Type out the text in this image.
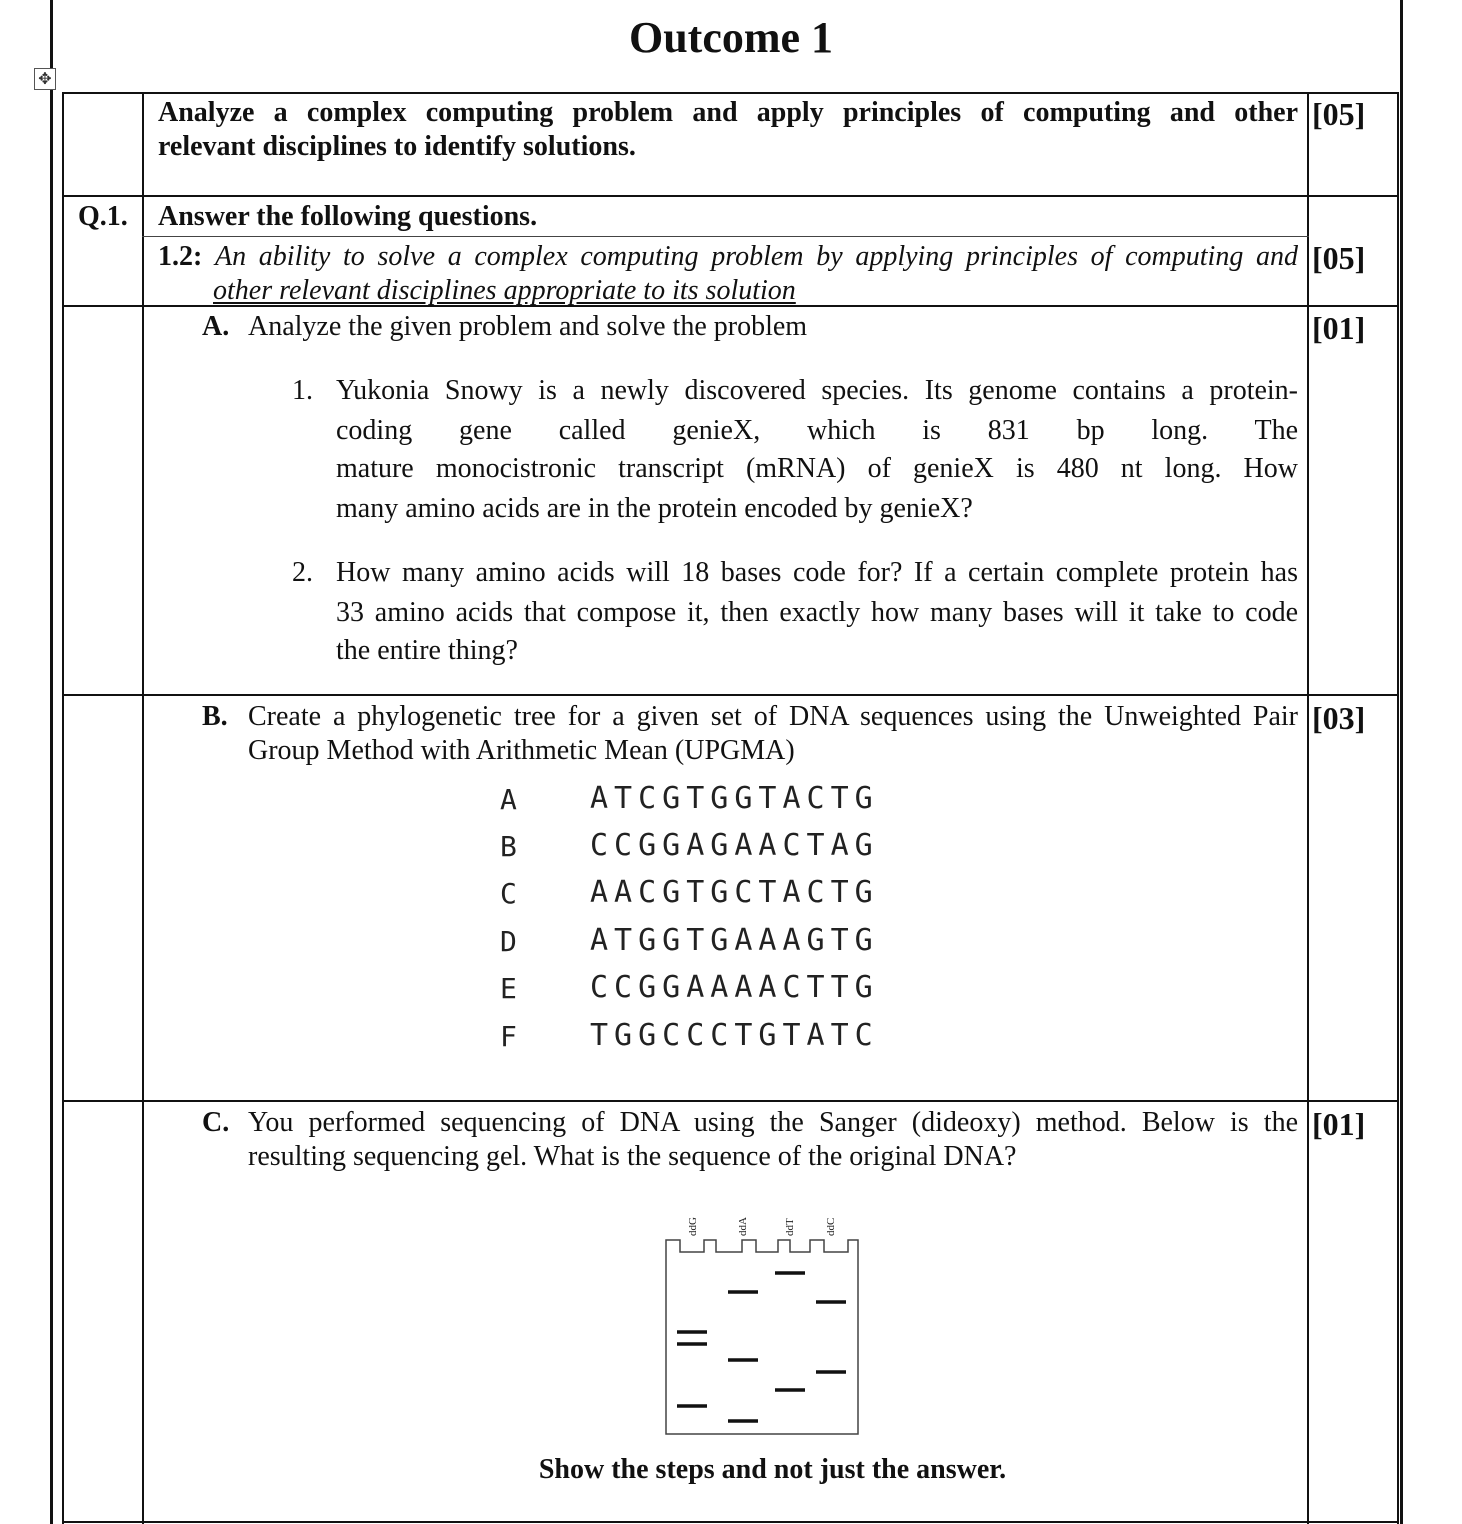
✥
Outcome 1
Analyze a complex computing problem and apply principles of computing and other
relevant disciplines to identify solutions.
[05]
Q.1. Answer the following questions.
1.2: An ability to solve a complex computing problem by applying principles of computing and
other relevant disciplines appropriate to its solution
[05]
A. Analyze the given problem and solve the problem	[01]
1. Yukonia Snowy is a newly discovered species. Its genome contains a protein-
coding gene called genieX, which is 831 bp long. The
mature monocistronic transcript (mRNA) of genieX is 480 nt long. How
many amino acids are in the protein encoded by genieX?
2. How many amino acids will 18 bases code for? If a certain complete protein has
33 amino acids that compose it, then exactly how many bases will it take to code
the entire thing?
B. Create a phylogenetic tree for a given set of DNA sequences using the Unweighted Pair
Group Method with Arithmetic Mean (UPGMA)
[03]
A ATCGTGGTACTG
B CCGGAGAACTAG
C AACGTGCTACTG
D ATGGTGAAAGTG
E CCGGAAAACTTG
F TGGCCCTGTATC
C. You performed sequencing of DNA using the Sanger (dideoxy) method. Below is the
resulting sequencing gel. What is the sequence of the original DNA?
[01]
ddG	ddA	ddT	ddC
Show the steps and not just the answer.
